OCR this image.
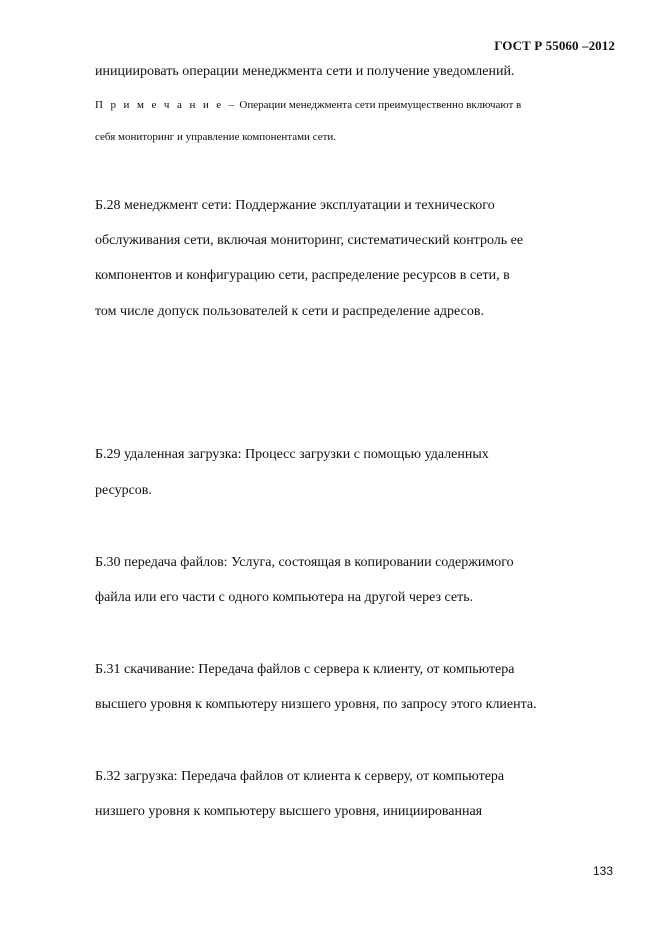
ГОСТ Р 55060 –2012
инициировать операции менеджмента сети и получение уведомлений.
П р и м е ч а н и е – Операции менеджмента сети преимущественно включают в
себя мониторинг и управление компонентами сети.
Б.28 менеджмент сети: Поддержание эксплуатации и технического
обслуживания сети, включая мониторинг, систематический контроль ее
компонентов и конфигурацию сети, распределение ресурсов в сети, в
том числе допуск пользователей к сети и распределение адресов.
Б.29 удаленная загрузка: Процесс загрузки с помощью удаленных
ресурсов.
Б.30 передача файлов: Услуга, состоящая в копировании содержимого
файла или его части с одного компьютера на другой через сеть.
Б.31 скачивание: Передача файлов с сервера к клиенту, от компьютера
высшего уровня к компьютеру низшего уровня, по запросу этого клиента.
Б.32 загрузка: Передача файлов от клиента к серверу, от компьютера
низшего уровня к компьютеру высшего уровня, инициированная
133
